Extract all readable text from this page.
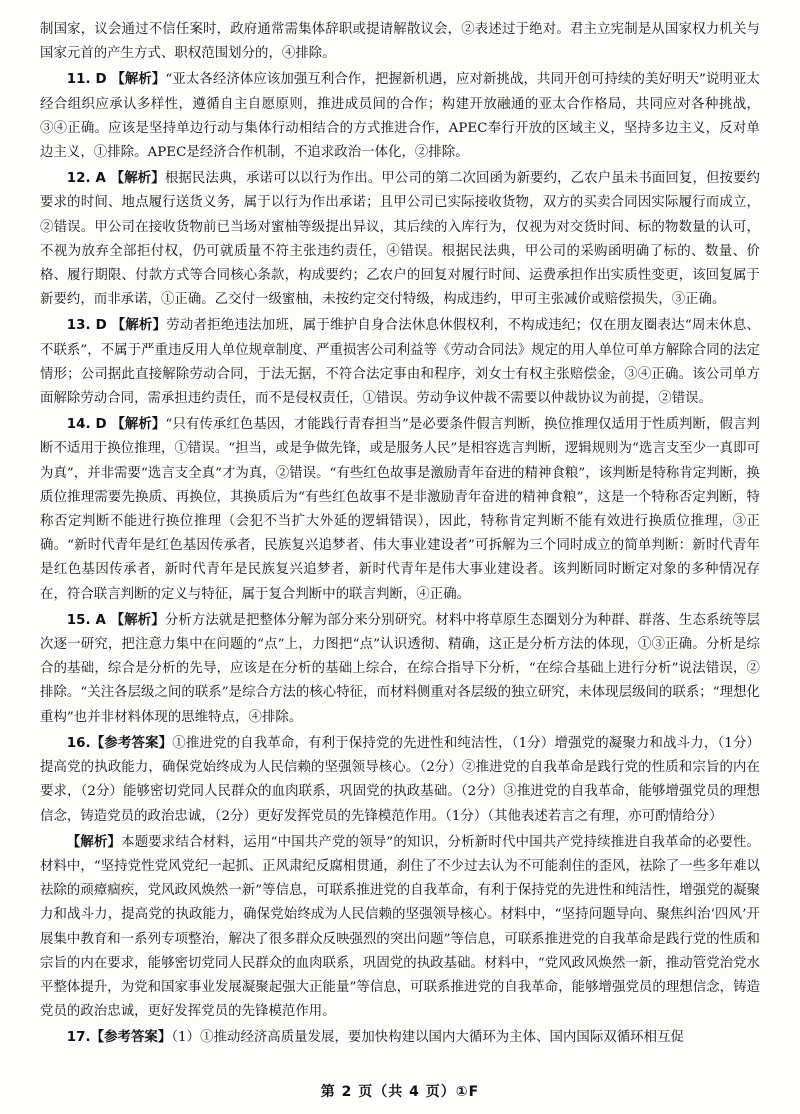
制国家，议会通过不信任案时，政府通常需集体辞职或提请解散议会，②表述过于绝对。君主立宪制是从国家权力机关与国家元首的产生方式、职权范围划分的，④排除。

11. D 【解析】“亚太各经济体应该加强互利合作，把握新机遇，应对新挑战，共同开创可持续的美好明天”说明亚太经合组织应承认多样性，遵循自主自愿原则，推进成员间的合作；构建开放融通的亚太合作格局，共同应对各种挑战，③④正确。应该是坚持单边行动与集体行动相结合的方式推进合作，APEC奉行开放的区域主义，坚持多边主义，反对单边主义，①排除。APEC是经济合作机制，不追求政治一体化，②排除。

12. A 【解析】根据民法典，承诺可以以行为作出。甲公司的第二次回函为新要约，乙农户虽未书面回复，但按要约要求的时间、地点履行送货义务，属于以行为作出承诺；且甲公司已实际接收货物，双方的买卖合同因实际履行而成立，②错误。甲公司在接收货物前已当场对蜜柚等级提出异议，其后续的入库行为，仅视为对交货时间、标的物数量的认可，不视为放弃全部拒付权，仍可就质量不符主张违约责任，④错误。根据民法典，甲公司的采购函明确了标的、数量、价格、履行期限、付款方式等合同核心条款，构成要约；乙农户的回复对履行时间、运费承担作出实质性变更，该回复属于新要约，而非承诺，①正确。乙交付一级蜜柚，未按约定交付特级，构成违约，甲可主张减价或赔偿损失，③正确。

13. D 【解析】劳动者拒绝违法加班，属于维护自身合法休息休假权利，不构成违纪；仅在朋友圈表达“周末休息、不联系”，不属于严重违反用人单位规章制度、严重损害公司利益等《劳动合同法》规定的用人单位可单方解除合同的法定情形；公司据此直接解除劳动合同，于法无据，不符合法定事由和程序，刘女士有权主张赔偿金，③④正确。该公司单方面解除劳动合同，需承担违约责任，而不是侵权责任，①错误。劳动争议仲裁不需要以仲裁协议为前提，②错误。

14. D 【解析】“只有传承红色基因，才能践行青春担当”是必要条件假言判断，换位推理仅适用于性质判断，假言判断不适用于换位推理，①错误。“担当，或是争做先锋，或是服务人民”是相容选言判断，逻辑规则为“选言支至少一真即可为真”，并非需要“选言支全真”才为真，②错误。“有些红色故事是激励青年奋进的精神食粮”，该判断是特称肯定判断，换质位推理需要先换质、再换位，其换质后为“有些红色故事不是非激励青年奋进的精神食粮”，这是一个特称否定判断，特称否定判断不能进行换位推理（会犯不当扩大外延的逻辑错误），因此，特称肯定判断不能有效进行换质位推理，③正确。“新时代青年是红色基因传承者，民族复兴追梦者、伟大事业建设者”可拆解为三个同时成立的简单判断：新时代青年是红色基因传承者，新时代青年是民族复兴追梦者，新时代青年是伟大事业建设者。该判断同时断定对象的多种情况存在，符合联言判断的定义与特征，属于复合判断中的联言判断，④正确。

15. A 【解析】分析方法就是把整体分解为部分来分别研究。材料中将草原生态圈划分为种群、群落、生态系统等层次逐一研究，把注意力集中在问题的“点”上，力图把“点”认识透彻、精确，这正是分析方法的体现，①③正确。分析是综合的基础，综合是分析的先导，应该是在分析的基础上综合，在综合指导下分析，“在综合基础上进行分析”说法错误，②排除。“关注各层级之间的联系”是综合方法的核心特征，而材料侧重对各层级的独立研究，未体现层级间的联系；“理想化重构”也并非材料体现的思维特点，④排除。

16.【参考答案】①推进党的自我革命，有利于保持党的先进性和纯洁性，（1分）增强党的凝聚力和战斗力，（1分）提高党的执政能力，确保党始终成为人民信赖的坚强领导核心。（2分）②推进党的自我革命是践行党的性质和宗旨的内在要求，（2分）能够密切党同人民群众的血肉联系，巩固党的执政基础。（2分）③推进党的自我革命，能够增强党员的理想信念，铸造党员的政治忠诚，（2分）更好发挥党员的先锋模范作用。（1分）（其他表述若言之有理，亦可酌情给分）

【解析】本题要求结合材料，运用“中国共产党的领导”的知识，分析新时代中国共产党持续推进自我革命的必要性。材料中，“坚持党性党风党纪一起抓、正风肃纪反腐相贯通，刹住了不少过去认为不可能刹住的歪风，祛除了一些多年难以祛除的顽瘴痼疾，党风政风焕然一新”等信息，可联系推进党的自我革命，有利于保持党的先进性和纯洁性，增强党的凝聚力和战斗力，提高党的执政能力，确保党始终成为人民信赖的坚强领导核心。材料中，“坚持问题导向、聚焦纠治‘四风’开展集中教育和一系列专项整治，解决了很多群众反映强烈的突出问题”等信息，可联系推进党的自我革命是践行党的性质和宗旨的内在要求，能够密切党同人民群众的血肉联系，巩固党的执政基础。材料中，“党风政风焕然一新，推动管党治党水平整体提升，为党和国家事业发展凝聚起强大正能量”等信息，可联系推进党的自我革命，能够增强党员的理想信念，铸造党员的政治忠诚，更好发挥党员的先锋模范作用。

17.【参考答案】（1）①推动经济高质量发展，要加快构建以国内大循环为主体、国内国际双循环相互促

第 2 页（共 4 页）①F
